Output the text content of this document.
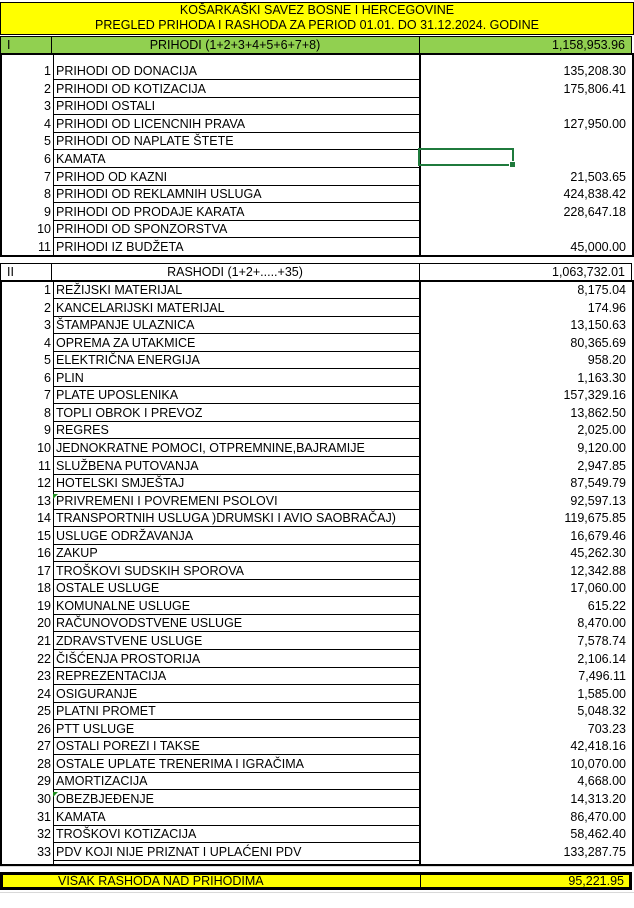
KOŠARKAŠKI SAVEZ BOSNE I HERCEGOVINE
PREGLED PRIHODA I RASHODA ZA PERIOD 01.01. DO 31.12.2024. GODINE
I	PRIHODI (1+2+3+4+5+6+7+8)	1,158,953.96
1 PRIHODI OD DONACIJA	135,208.30
2 PRIHODI OD KOTIZACIJA	175,806.41
3 PRIHODI OSTALI
4 PRIHODI OD LICENCNIH PRAVA	127,950.00
5 PRIHODI OD NAPLATE ŠTETE
6 KAMATA
7 PRIHOD OD KAZNI	21,503.65
8 PRIHODI OD REKLAMNIH USLUGA	424,838.42
9 PRIHODI OD PRODAJE KARATA	228,647.18
10 PRIHODI OD SPONZORSTVA
11 PRIHODI IZ BUDŽETA	45,000.00
II	RASHODI (1+2+.....+35)	1,063,732.01
1 REŽIJSKI MATERIJAL	8,175.04
2 KANCELARIJSKI MATERIJAL	174.96
3 ŠTAMPANJE ULAZNICA	13,150.63
4 OPREMA ZA UTAKMICE	80,365.69
5 ELEKTRIČNA ENERGIJA	958.20
6 PLIN	1,163.30
7 PLATE UPOSLENIKA	157,329.16
8 TOPLI OBROK I PREVOZ	13,862.50
9 REGRES	2,025.00
10 JEDNOKRATNE POMOCI, OTPREMNINE,BAJRAMIJE	9,120.00
11 SLUŽBENA PUTOVANJA	2,947.85
12 HOTELSKI SMJEŠTAJ	87,549.79
13 PRIVREMENI I POVREMENI PSOLOVI	92,597.13
14 TRANSPORTNIH USLUGA )DRUMSKI I AVIO SAOBRAČAJ)	119,675.85
15 USLUGE ODRŽAVANJA	16,679.46
16 ZAKUP	45,262.30
17 TROŠKOVI SUDSKIH SPOROVA	12,342.88
18 OSTALE USLUGE	17,060.00
19 KOMUNALNE USLUGE	615.22
20 RAČUNOVODSTVENE USLUGE	8,470.00
21 ZDRAVSTVENE USLUGE	7,578.74
22 ČIŠĆENJA PROSTORIJA	2,106.14
23 REPREZENTACIJA	7,496.11
24 OSIGURANJE	1,585.00
25 PLATNI PROMET	5,048.32
26 PTT USLUGE	703.23
27 OSTALI POREZI I TAKSE	42,418.16
28 OSTALE UPLATE TRENERIMA I IGRAČIMA	10,070.00
29 AMORTIZACIJA	4,668.00
30 OBEZBJEĐENJE	14,313.20
31 KAMATA	86,470.00
32 TROŠKOVI KOTIZACIJA	58,462.40
33 PDV KOJI NIJE PRIZNAT I UPLAĆENI PDV	133,287.75
VIŠAK RASHODA NAD PRIHODIMA	95,221.95
